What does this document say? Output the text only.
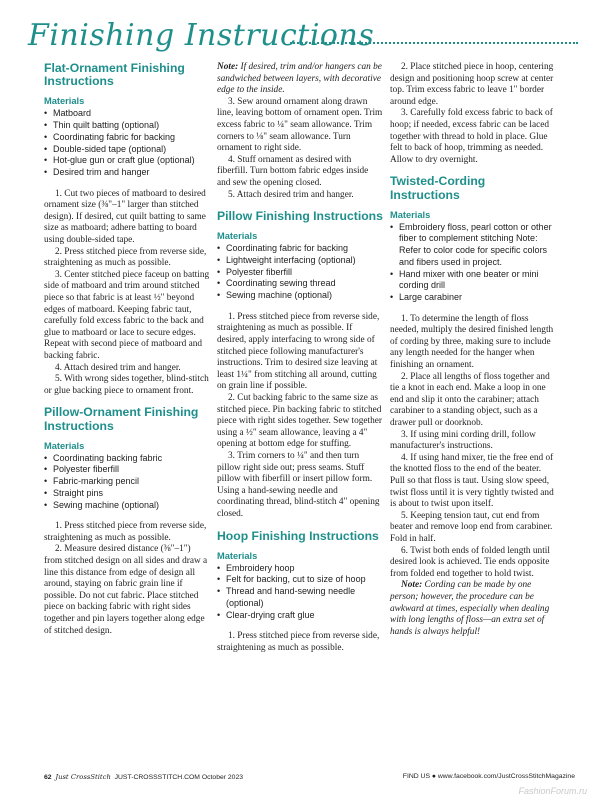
Finishing Instructions
Flat-Ornament Finishing Instructions
Materials
• Matboard
• Thin quilt batting (optional)
• Coordinating fabric for backing
• Double-sided tape (optional)
• Hot-glue gun or craft glue (optional)
• Desired trim and hanger

1. Cut two pieces of matboard to desired ornament size (⅜"–1" larger than stitched design). If desired, cut quilt batting to same size as matboard; adhere batting to board using double-sided tape.

2. Press stitched piece from reverse side, straightening as much as possible.

3. Center stitched piece faceup on batting side of matboard and trim around stitched piece so that fabric is at least ½" beyond edges of matboard. Keeping fabric taut, carefully fold excess fabric to the back and glue to matboard or lace to secure edges. Repeat with second piece of matboard and backing fabric.

4. Attach desired trim and hanger.

5. With wrong sides together, blind-stitch or glue backing piece to ornament front.

Pillow-Ornament Finishing Instructions
Materials
• Coordinating backing fabric
• Polyester fiberfill
• Fabric-marking pencil
• Straight pins
• Sewing machine (optional)

1. Press stitched piece from reverse side, straightening as much as possible.

2. Measure desired distance (⅜"–1") from stitched design on all sides and draw a line this distance from edge of design all around, staying on fabric grain line if possible. Do not cut fabric. Place stitched piece on backing fabric with right sides together and pin layers together along edge of stitched design.

Note: If desired, trim and/or hangers can be sandwiched between layers, with decorative edge to the inside.

3. Sew around ornament along drawn line, leaving bottom of ornament open. Trim excess fabric to ¼" seam allowance. Trim corners to ⅛" seam allowance. Turn ornament to right side.

4. Stuff ornament as desired with fiberfill. Turn bottom fabric edges inside and sew the opening closed.

5. Attach desired trim and hanger.

Pillow Finishing Instructions
Materials
• Coordinating fabric for backing
• Lightweight interfacing (optional)
• Polyester fiberfill
• Coordinating sewing thread
• Sewing machine (optional)

1. Press stitched piece from reverse side, straightening as much as possible. If desired, apply interfacing to wrong side of stitched piece following manufacturer's instructions. Trim to desired size leaving at least 1¼" from stitching all around, cutting on grain line if possible.

2. Cut backing fabric to the same size as stitched piece. Pin backing fabric to stitched piece with right sides together. Sew together using a ½" seam allowance, leaving a 4" opening at bottom edge for stuffing.

3. Trim corners to ¼" and then turn pillow right side out; press seams. Stuff pillow with fiberfill or insert pillow form. Using a hand-sewing needle and coordinating thread, blind-stitch 4" opening closed.

Hoop Finishing Instructions
Materials
• Embroidery hoop
• Felt for backing, cut to size of hoop
• Thread and hand-sewing needle (optional)
• Clear-drying craft glue

1. Press stitched piece from reverse side, straightening as much as possible.

2. Place stitched piece in hoop, centering design and positioning hoop screw at center top. Trim excess fabric to leave 1" border around edge.

3. Carefully fold excess fabric to back of hoop; if needed, excess fabric can be laced together with thread to hold in place. Glue felt to back of hoop, trimming as needed. Allow to dry overnight.

Twisted-Cording Instructions
Materials
• Embroidery floss, pearl cotton or other fiber to complement stitching Note: Refer to color code for specific colors and fibers used in project.
• Hand mixer with one beater or mini cording drill
• Large carabiner

1. To determine the length of floss needed, multiply the desired finished length of cording by three, making sure to include any length needed for the hanger when finishing an ornament.

2. Place all lengths of floss together and tie a knot in each end. Make a loop in one end and slip it onto the carabiner; attach carabiner to a standing object, such as a drawer pull or doorknob.

3. If using mini cording drill, follow manufacturer's instructions.

4. If using hand mixer, tie the free end of the knotted floss to the end of the beater. Pull so that floss is taut. Using slow speed, twist floss until it is very tightly twisted and is about to twist upon itself.

5. Keeping tension taut, cut end from beater and remove loop end from carabiner. Fold in half.

6. Twist both ends of folded length until desired look is achieved. Tie ends opposite from folded end together to hold twist.

Note: Cording can be made by one person; however, the procedure can be awkward at times, especially when dealing with long lengths of floss—an extra set of hands is always helpful!

62 Just CrossStitch JUST-CROSSSTITCH.COM October 2023	FIND US ● www.facebook.com/JustCrossStitchMagazine
FashionForum.ru
